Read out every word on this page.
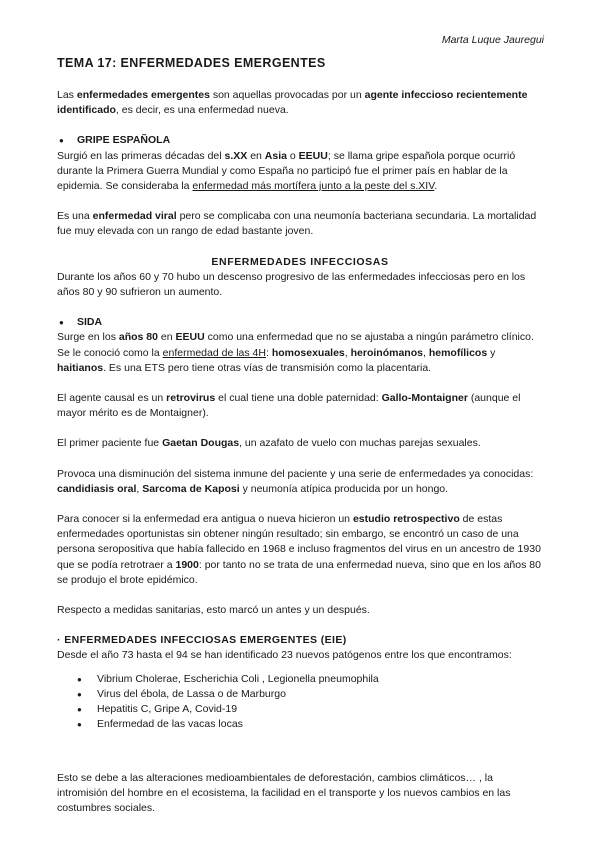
Marta Luque Jauregui
TEMA 17: ENFERMEDADES EMERGENTES

Las enfermedades emergentes son aquellas provocadas por un agente infeccioso recientemente identificado, es decir, es una enfermedad nueva.

● GRIPE ESPAÑOLA

Surgió en las primeras décadas del s.XX en Asia o EEUU; se llama gripe española porque ocurrió durante la Primera Guerra Mundial y como España no participó fue el primer país en hablar de la epidemia. Se consideraba la enfermedad más mortífera junto a la peste del s.XIV.

Es una enfermedad viral pero se complicaba con una neumonía bacteriana secundaria. La mortalidad fue muy elevada con un rango de edad bastante joven.

ENFERMEDADES INFECCIOSAS

Durante los años 60 y 70 hubo un descenso progresivo de las enfermedades infecciosas pero en los años 80 y 90 sufrieron un aumento.

● SIDA

Surge en los años 80 en EEUU como una enfermedad que no se ajustaba a ningún parámetro clínico. Se le conoció como la enfermedad de las 4H: homosexuales, heroinómanos, hemofílicos y haitianos. Es una ETS pero tiene otras vías de transmisión como la placentaria.

El agente causal es un retrovirus el cual tiene una doble paternidad: Gallo-Montaigner (aunque el mayor mérito es de Montaigner).

El primer paciente fue Gaetan Dougas, un azafato de vuelo con muchas parejas sexuales.

Provoca una disminución del sistema inmune del paciente y una serie de enfermedades ya conocidas: candidiasis oral, Sarcoma de Kaposi y neumonía atípica producida por un hongo.

Para conocer si la enfermedad era antigua o nueva hicieron un estudio retrospectivo de estas enfermedades oportunistas sin obtener ningún resultado; sin embargo, se encontró un caso de una persona seropositiva que había fallecido en 1968 e incluso fragmentos del virus en un ancestro de 1930 que se podía retrotraer a 1900: por tanto no se trata de una enfermedad nueva, sino que en los años 80 se produjo el brote epidémico.

Respecto a medidas sanitarias, esto marcó un antes y un después.

· ENFERMEDADES INFECCIOSAS EMERGENTES (EIE)
Desde el año 73 hasta el 94 se han identificado 23 nuevos patógenos entre los que encontramos:
● Vibrium Cholerae, Escherichia Coli , Legionella pneumophila
● Virus del ébola, de Lassa o de Marburgo
● Hepatitis C, Gripe A, Covid-19
● Enfermedad de las vacas locas

Esto se debe a las alteraciones medioambientales de deforestación, cambios climáticos… , la intromisión del hombre en el ecosistema, la facilidad en el transporte y los nuevos cambios en las costumbres sociales.
